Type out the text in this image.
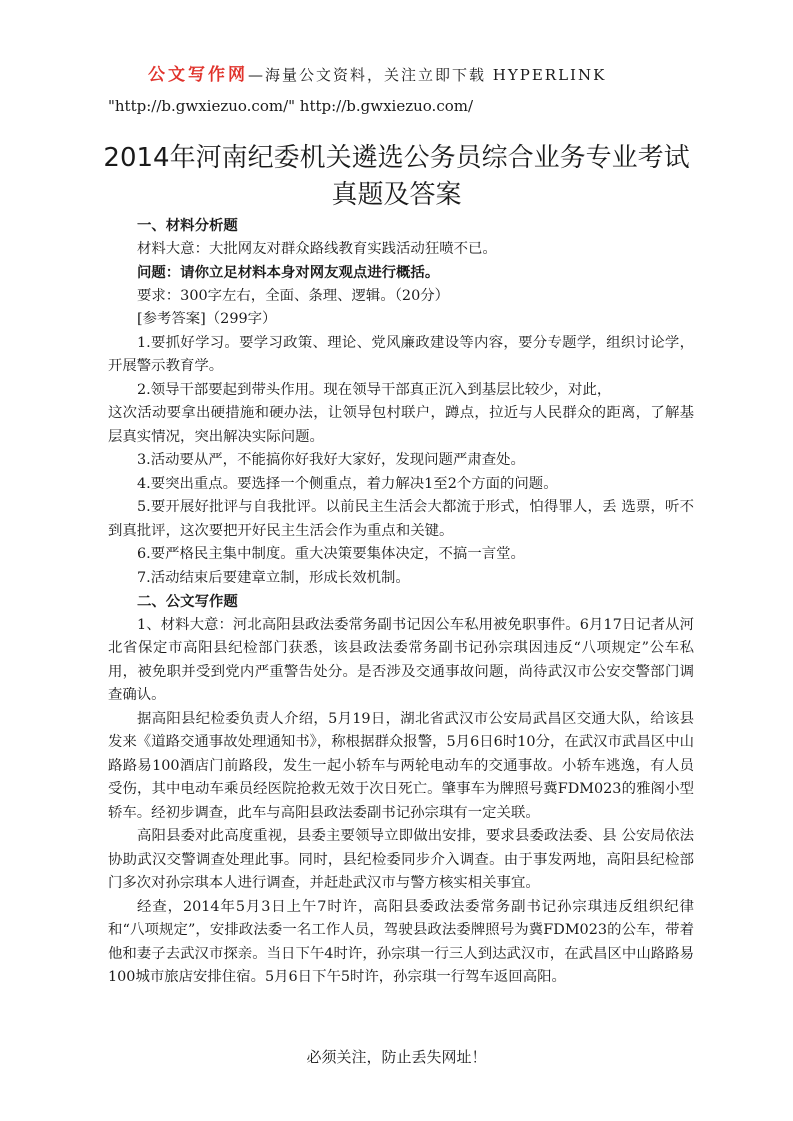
公文写作网—海量公文资料，关注立即下载 HYPERLINK
"http://b.gwxiezuo.com/" http://b.gwxiezuo.com/
2014年河南纪委机关遴选公务员综合业务专业考试真题及答案

一、材料分析题

材料大意：大批网友对群众路线教育实践活动狂喷不已。

问题：请你立足材料本身对网友观点进行概括。

要求：300字左右，全面、条理、逻辑。（20分）

[参考答案]（299字）

1.要抓好学习。要学习政策、理论、党风廉政建设等内容，要分专题学，组织讨论学，开展警示教育学。

2.领导干部要起到带头作用。现在领导干部真正沉入到基层比较少，对此，

这次活动要拿出硬措施和硬办法，让领导包村联户，蹲点，拉近与人民群众的距离，了解基层真实情况，突出解决实际问题。

3.活动要从严，不能搞你好我好大家好，发现问题严肃查处。

4.要突出重点。要选择一个侧重点，着力解决1至2个方面的问题。

5.要开展好批评与自我批评。以前民主生活会大都流于形式，怕得罪人，丢 选票，听不到真批评，这次要把开好民主生活会作为重点和关键。

6.要严格民主集中制度。重大决策要集体决定，不搞一言堂。

7.活动结束后要建章立制，形成长效机制。

二、公文写作题

1、材料大意：河北高阳县政法委常务副书记因公车私用被免职事件。6月17日记者从河北省保定市高阳县纪检部门获悉，该县政法委常务副书记孙宗琪因违反“八项规定”公车私用，被免职并受到党内严重警告处分。是否涉及交通事故问题，尚待武汉市公安交警部门调查确认。

据高阳县纪检委负责人介绍，5月19日，湖北省武汉市公安局武昌区交通大队，给该县发来《道路交通事故处理通知书》，称根据群众报警，5月6日6时10分，在武汉市武昌区中山路路易100酒店门前路段，发生一起小轿车与两轮电动车的交通事故。小轿车逃逸，有人员受伤，其中电动车乘员经医院抢救无效于次日死亡。肇事车为牌照号冀FDM023的雅阁小型轿车。经初步调查，此车与高阳县政法委副书记孙宗琪有一定关联。

高阳县委对此高度重视，县委主要领导立即做出安排，要求县委政法委、县 公安局依法协助武汉交警调查处理此事。同时，县纪检委同步介入调查。由于事发两地，高阳县纪检部门多次对孙宗琪本人进行调查，并赶赴武汉市与警方核实相关事宜。

经查，2014年5月3日上午7时许，高阳县委政法委常务副书记孙宗琪违反组织纪律和“八项规定”，安排政法委一名工作人员，驾驶县政法委牌照号为冀FDM023的公车，带着他和妻子去武汉市探亲。当日下午4时许，孙宗琪一行三人到达武汉市，在武昌区中山路路易100城市旅店安排住宿。5月6日下午5时许，孙宗琪一行驾车返回高阳。

必须关注，防止丢失网址！
